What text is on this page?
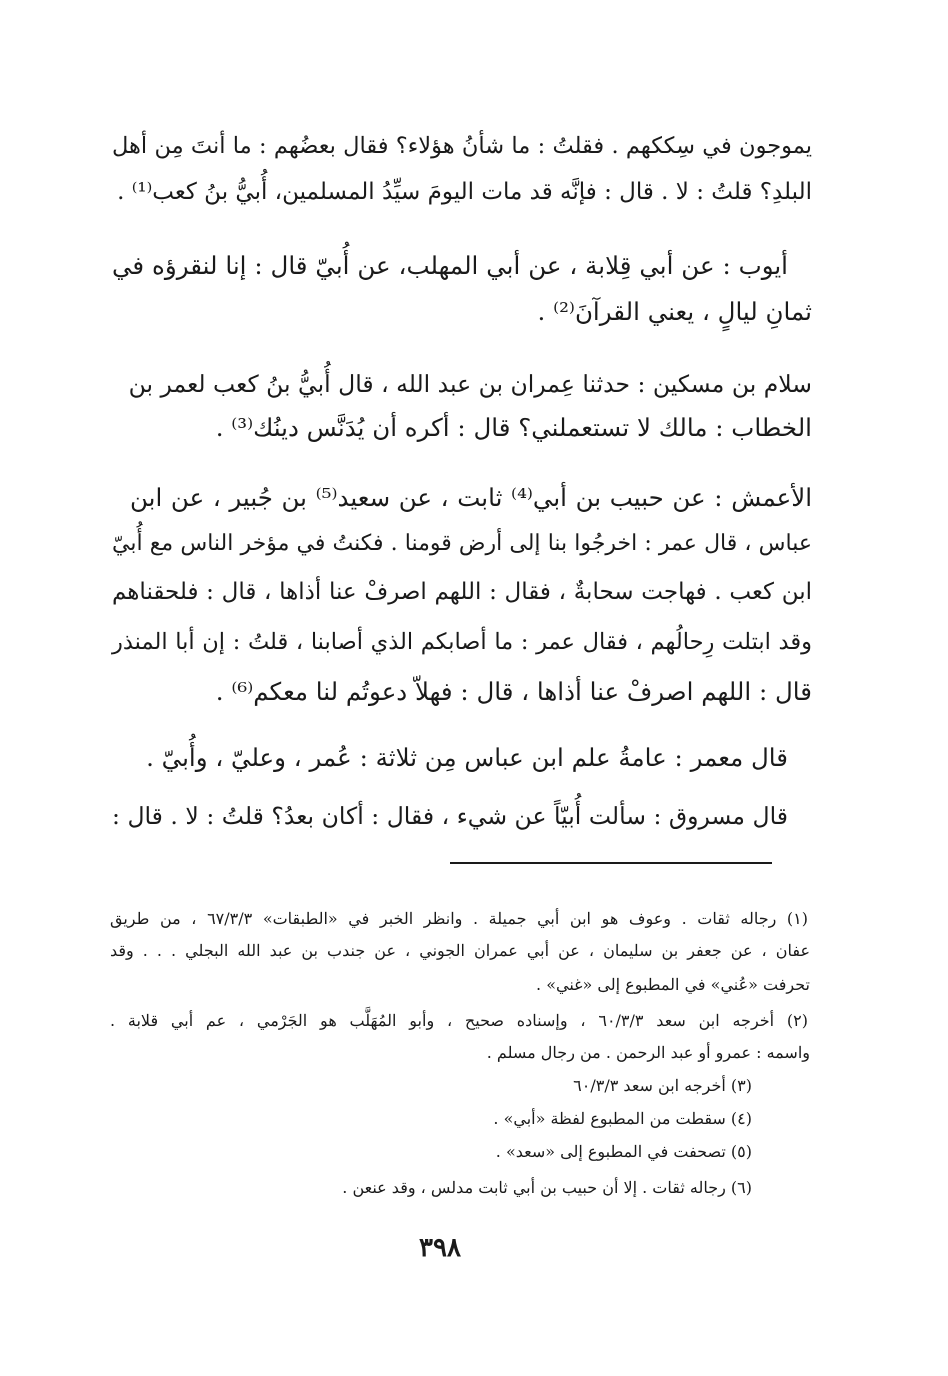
يموجون في سِككهم . فقلتُ : ما شأنُ هؤلاء؟ فقال بعضُهم : ما أنتَ مِن أهل
البلدِ؟ قلتُ : لا . قال : فإنَّه قد مات اليومَ سيِّدُ المسلمين، أُبيُّ بنُ كعب⁽¹⁾ .
أيوب : عن أبي قِلابة ، عن أبي المهلب، عن أُبيّ قال : إنا لنقرؤه في
ثمانِ ليالٍ ، يعني القرآنَ⁽²⁾ .
سلام بن مسكين : حدثنا عِمران بن عبد الله ، قال أُبيُّ بنُ كعب لعمر بن
الخطاب : مالك لا تستعملني؟ قال : أكره أن يُدَنَّس دينُك⁽³⁾ .
الأعمش : عن حبيب بن أبي⁽⁴⁾ ثابت ، عن سعيد⁽⁵⁾ بن جُبير ، عن ابن
عباس ، قال عمر : اخرجُوا بنا إلى أرض قومنا . فكنتُ في مؤخر الناس مع أُبيّ
ابن كعب . فهاجت سحابةٌ ، فقال : اللهم اصرفْ عنا أذاها ، قال : فلحقناهم
وقد ابتلت رِحالُهم ، فقال عمر : ما أصابكم الذي أصابنا ، قلتُ : إن أبا المنذر
قال : اللهم اصرفْ عنا أذاها ، قال : فهلاّ دعوتُم لنا معكم⁽⁶⁾ .
قال معمر : عامةُ علم ابن عباس مِن ثلاثة : عُمر ، وعليّ ، وأُبيّ .
قال مسروق : سألت أُبيّاً عن شيء ، فقال : أكان بعدُ؟ قلتُ : لا . قال :
(١) رجاله ثقات . وعوف هو ابن أبي جميلة . وانظر الخبر في «الطبقات» ٦٧/٣/٣ ، من طريق
عفان ، عن جعفر بن سليمان ، عن أبي عمران الجوني ، عن جندب بن عبد الله البجلي . . . وقد
تحرفت «عُني» في المطبوع إلى «غني» .
(٢) أخرجه ابن سعد ٦٠/٣/٣ ، وإسناده صحيح ، وأبو المُهَلَّب هو الجَرْمي ، عم أبي قلابة .
واسمه : عمرو أو عبد الرحمن . من رجال مسلم .
(٣) أخرجه ابن سعد ٦٠/٣/٣
(٤) سقطت من المطبوع لفظة «أبي» .
(٥) تصحفت في المطبوع إلى «سعد» .
(٦) رجاله ثقات . إلا أن حبيب بن أبي ثابت مدلس ، وقد عنعن .
٣٩٨
